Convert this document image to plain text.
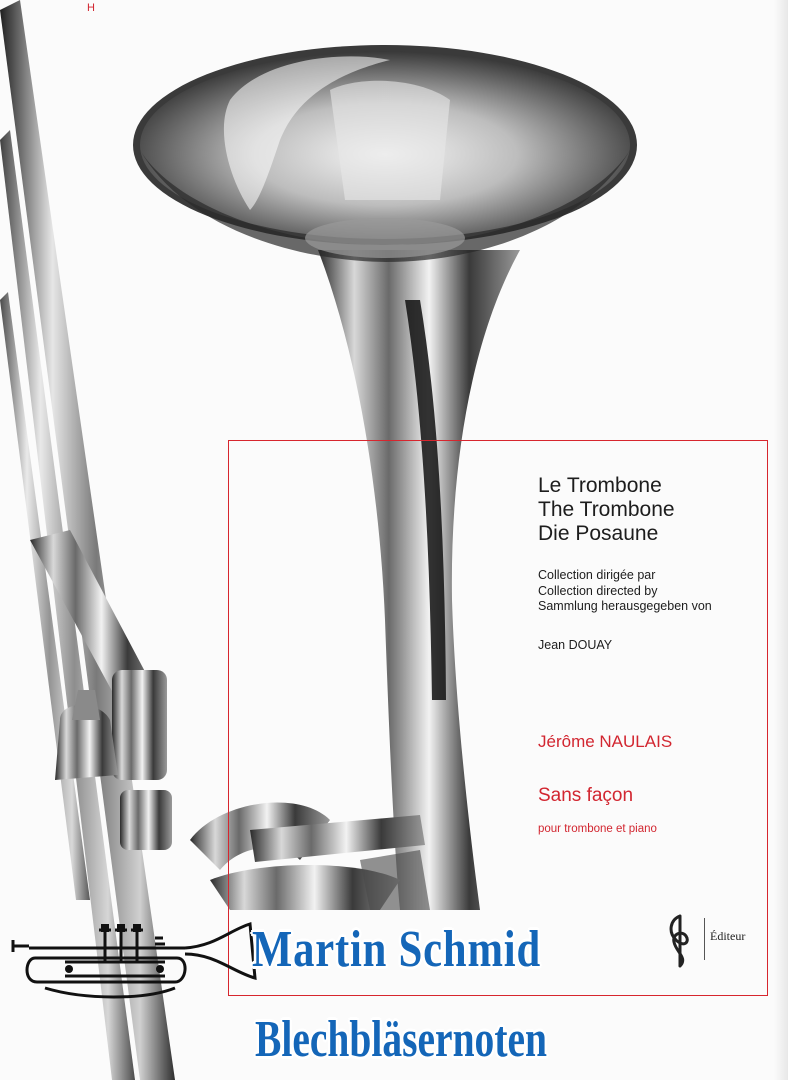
H
Le Trombone
The Trombone
Die Posaune
Collection dirigée par
Collection directed by
Sammlung herausgegeben von
Jean DOUAY
Jérôme NAULAIS
Sans façon
pour trombone et piano
Éditeur
Martin Schmid
Blechbläsernoten
